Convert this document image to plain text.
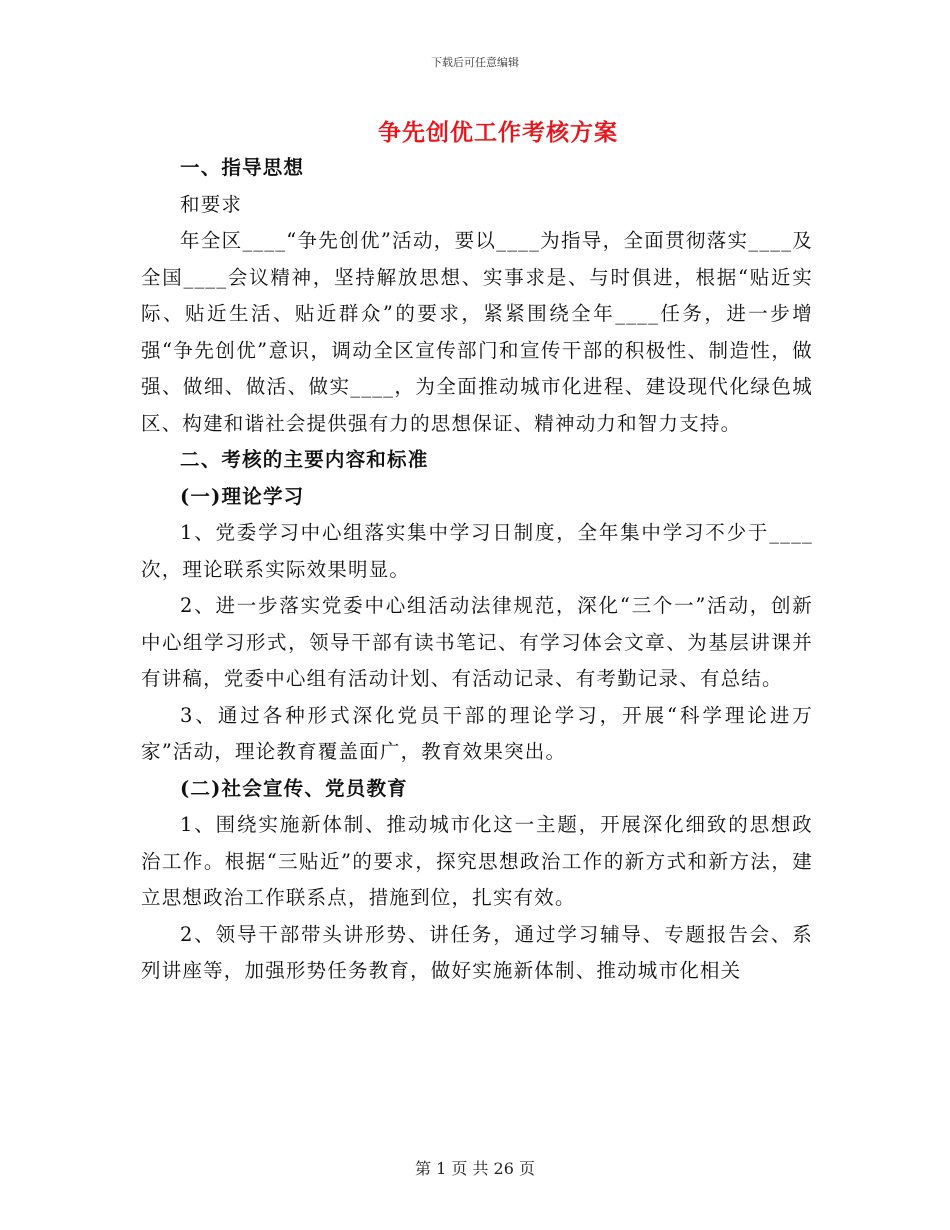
下载后可任意编辑
争先创优工作考核方案

一、指导思想

和要求

年全区____“争先创优”活动，要以____为指导，全面贯彻落实____及全国____会议精神，坚持解放思想、实事求是、与时俱进，根据“贴近实际、贴近生活、贴近群众”的要求，紧紧围绕全年____任务，进一步增强“争先创优”意识，调动全区宣传部门和宣传干部的积极性、制造性，做强、做细、做活、做实____，为全面推动城市化进程、建设现代化绿色城区、构建和谐社会提供强有力的思想保证、精神动力和智力支持。

二、考核的主要内容和标准

(一)理论学习

1、党委学习中心组落实集中学习日制度，全年集中学习不少于____次，理论联系实际效果明显。

2、进一步落实党委中心组活动法律规范，深化“三个一”活动，创新中心组学习形式，领导干部有读书笔记、有学习体会文章、为基层讲课并有讲稿，党委中心组有活动计划、有活动记录、有考勤记录、有总结。

3、通过各种形式深化党员干部的理论学习，开展“科学理论进万家”活动，理论教育覆盖面广，教育效果突出。

(二)社会宣传、党员教育

1、围绕实施新体制、推动城市化这一主题，开展深化细致的思想政治工作。根据“三贴近”的要求，探究思想政治工作的新方式和新方法，建立思想政治工作联系点，措施到位，扎实有效。

2、领导干部带头讲形势、讲任务，通过学习辅导、专题报告会、系列讲座等，加强形势任务教育，做好实施新体制、推动城市化相关

第 1 页 共 26 页
